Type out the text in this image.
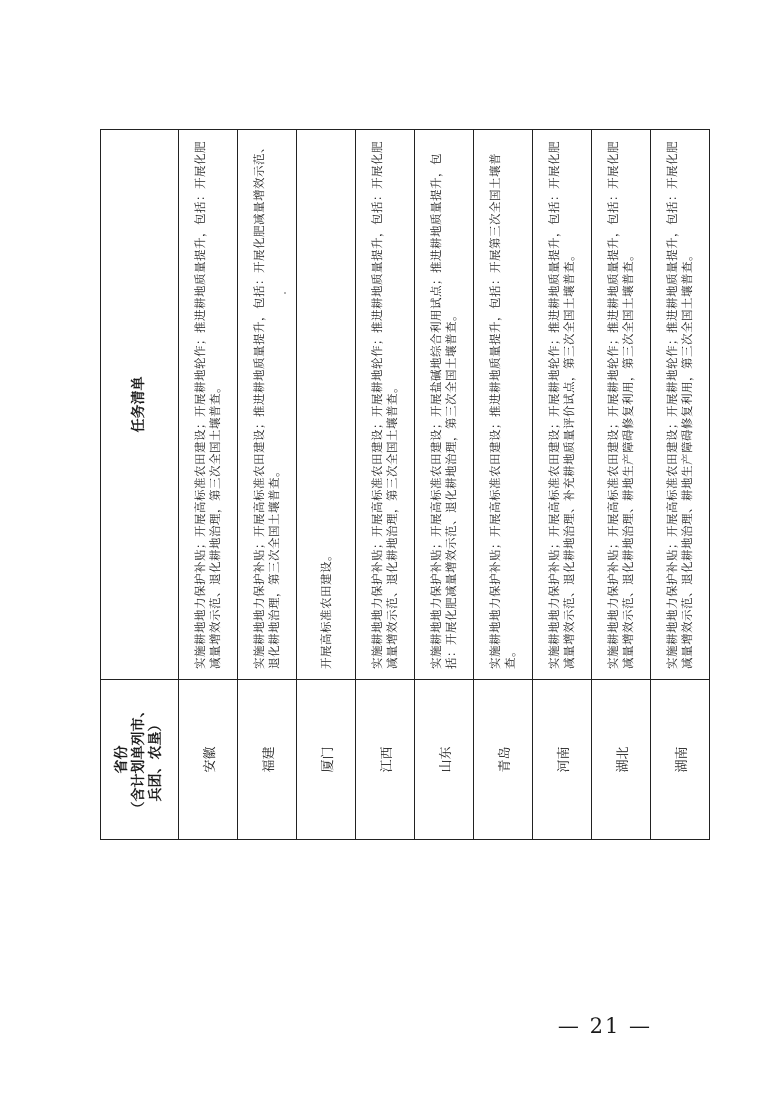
省份
（含计划单列市、
兵团、农垦）	任务清单
安徽	实施耕地地力保护补贴；开展高标准农田建设；开展耕地轮作；推进耕地质量提升，包括：开展化肥减量增效示范、退化耕地治理，第三次全国土壤普查。
福建	实施耕地地力保护补贴；开展高标准农田建设；推进耕地质量提升，包括：开展化肥减量增效示范、退化耕地治理，第三次全国土壤普查。
厦门	开展高标准农田建设。
江西	实施耕地地力保护补贴；开展高标准农田建设；开展耕地轮作；推进耕地质量提升，包括：开展化肥减量增效示范、退化耕地治理，第三次全国土壤普查。
山东	实施耕地地力保护补贴；开展高标准农田建设；开展盐碱地综合利用试点；推进耕地质量提升，包括：开展化肥减量增效示范、退化耕地治理，第三次全国土壤普查。
青岛	实施耕地地力保护补贴；开展高标准农田建设；推进耕地质量提升，包括：开展第三次全国土壤普查。
河南	实施耕地地力保护补贴；开展高标准农田建设；开展耕地轮作；推进耕地质量提升，包括：开展化肥减量增效示范、退化耕地治理、补充耕地质量评价试点，第三次全国土壤普查。
湖北	实施耕地地力保护补贴；开展高标准农田建设；开展耕地轮作；推进耕地质量提升，包括：开展化肥减量增效示范、退化耕地治理、耕地生产障碍修复利用，第三次全国土壤普查。
湖南	实施耕地地力保护补贴；开展高标准农田建设；开展耕地轮作；推进耕地质量提升，包括：开展化肥减量增效示范、退化耕地治理、耕地生产障碍修复利用，第三次全国土壤普查。
— 21 —
